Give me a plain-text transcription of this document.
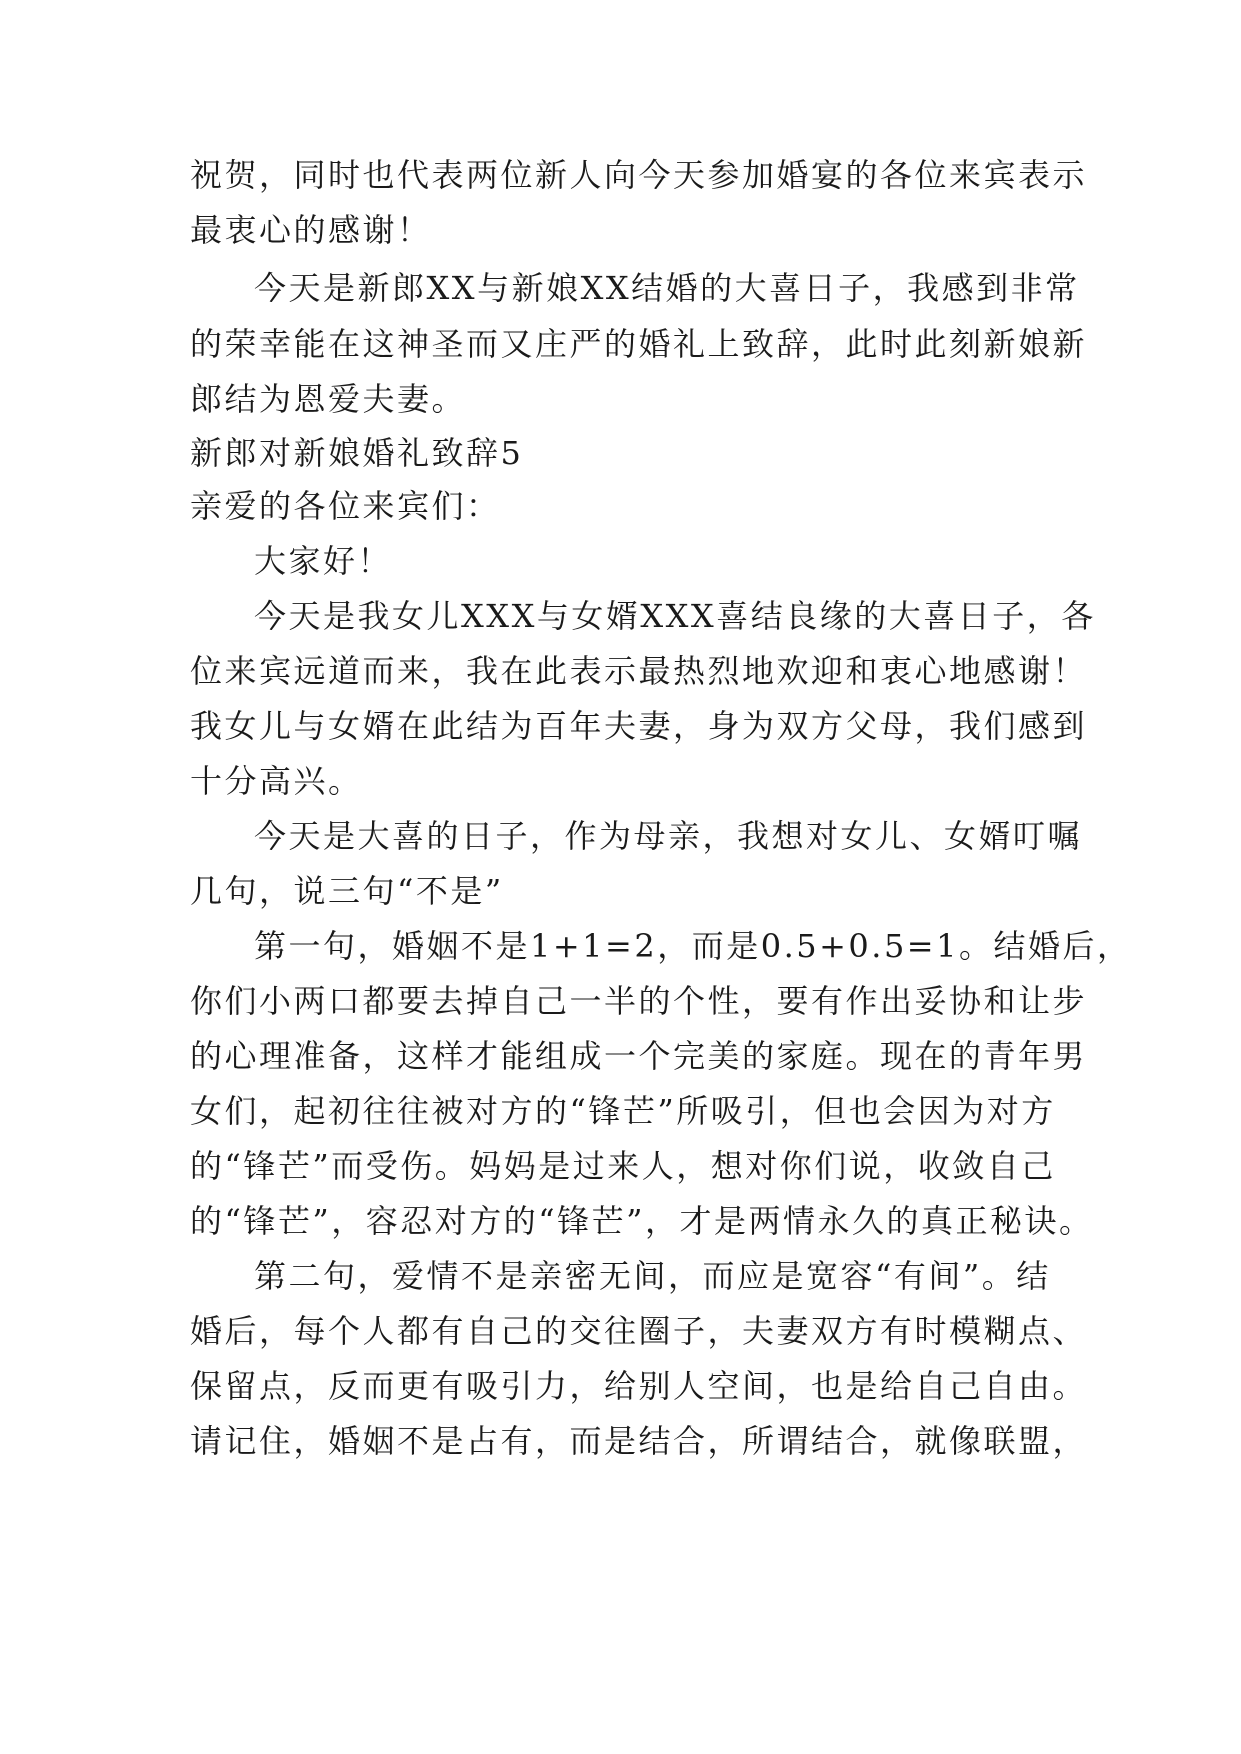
祝贺，同时也代表两位新人向今天参加婚宴的各位来宾表示
最衷心的感谢！
今天是新郎XX与新娘XX结婚的大喜日子，我感到非常
的荣幸能在这神圣而又庄严的婚礼上致辞，此时此刻新娘新
郎结为恩爱夫妻。
新郎对新娘婚礼致辞5
亲爱的各位来宾们：
大家好！
今天是我女儿XXX与女婿XXX喜结良缘的大喜日子，各
位来宾远道而来，我在此表示最热烈地欢迎和衷心地感谢！
我女儿与女婿在此结为百年夫妻，身为双方父母，我们感到
十分高兴。
今天是大喜的日子，作为母亲，我想对女儿、女婿叮嘱
几句，说三句“不是”
第一句，婚姻不是1+1=2，而是0.5+0.5=1。结婚后，
你们小两口都要去掉自己一半的个性，要有作出妥协和让步
的心理准备，这样才能组成一个完美的家庭。现在的青年男
女们，起初往往被对方的“锋芒”所吸引，但也会因为对方
的“锋芒”而受伤。妈妈是过来人，想对你们说，收敛自己
的“锋芒”，容忍对方的“锋芒”，才是两情永久的真正秘诀。
第二句，爱情不是亲密无间，而应是宽容“有间”。结
婚后，每个人都有自己的交往圈子，夫妻双方有时模糊点、
保留点，反而更有吸引力，给别人空间，也是给自己自由。
请记住，婚姻不是占有，而是结合，所谓结合，就像联盟，
